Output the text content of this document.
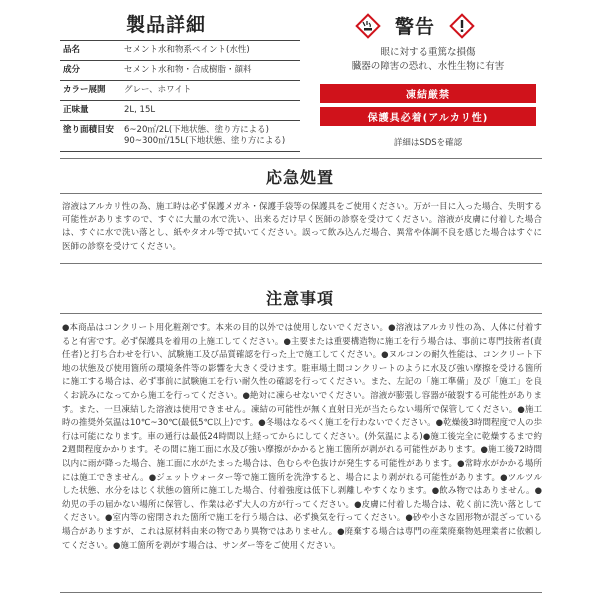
製品詳細
品名	セメント水和物系ペイント(水性)
成分	セメント水和物・合成樹脂・顔料
カラー展開	グレー、ホワイト
正味量	2L, 15L
塗り面積目安	6~20㎡/2L(下地状態、塗り方による)
90~300㎡/15L(下地状態、塗り方による)
警告
眼に対する重篤な損傷
臓器の障害の恐れ、水性生物に有害
凍結厳禁
保護具必着(アルカリ性)
詳細はSDSを確認
応急処置
溶液はアルカリ性の為、施工時は必ず保護メガネ・保護手袋等の保護具をご使用ください。万が一目に入った場合、失明する可能性がありますので、すぐに大量の水で洗い、出来るだけ早く医師の診察を受けてください。溶液が皮膚に付着した場合は、すぐに水で洗い落とし、紙やタオル等で拭いてください。誤って飲み込んだ場合、異常や体調不良を感じた場合はすぐに医師の診察を受けてください。
注意事項
●本商品はコンクリート用化粧剤です。本来の目的以外では使用しないでください。●溶液はアルカリ性の為、人体に付着すると有害です。必ず保護具を着用の上施工してください。●主要または重要構造物に施工を行う場合は、事前に専門技術者(責任者)と打ち合わせを行い、試験施工及び品質確認を行った上で施工してください。●ヌルコンの耐久性能は、コンクリート下地の状態及び使用箇所の環境条件等の影響を大きく受けます。駐車場土間コンクリートのように水及び強い摩擦を受ける箇所に施工する場合は、必ず事前に試験施工を行い耐久性の確認を行ってください。また、左記の「施工準備」及び「施工」を良くお読みになってから施工を行ってください。●絶対に凍らせないでください。溶液が膨張し容器が破裂する可能性があります。また、一旦凍結した溶液は使用できません。凍結の可能性が無く直射日光が当たらない場所で保管してください。●施工時の推奨外気温は10℃~30℃(最低5℃以上)です。●冬場はなるべく施工を行わないでください。●乾燥後3時間程度で人の歩行は可能になります。車の通行は最低24時間以上経ってからにしてください。(外気温による)●施工後完全に乾燥するまで約2週間程度かかります。その間に施工面に水及び強い摩擦がかかると施工箇所が剥がれる可能性があります。●施工後72時間以内に雨が降った場合、施工面に水がたまった場合は、色むらや色抜けが発生する可能性があります。●常時水がかかる場所には施工できません。●ジェットウォーター等で施工箇所を洗浄すると、場合により剥がれる可能性があります。●ツルツルした状態、水分をはじく状態の箇所に施工した場合、付着強度は低下し剥離しやすくなります。●飲み物ではありません。●幼児の手の届かない場所に保管し、作業は必ず大人の方が行ってください。●皮膚に付着した場合は、乾く前に洗い落としてください。●室内等の密閉された箇所で施工を行う場合は、必ず換気を行ってください。●砂や小さな固形物が混ざっている場合がありますが、これは原材料由来の物であり異物ではありません。●廃棄する場合は専門の産業廃棄物処理業者に依頼してください。●施工箇所を剥がす場合は、サンダー等をご使用ください。
